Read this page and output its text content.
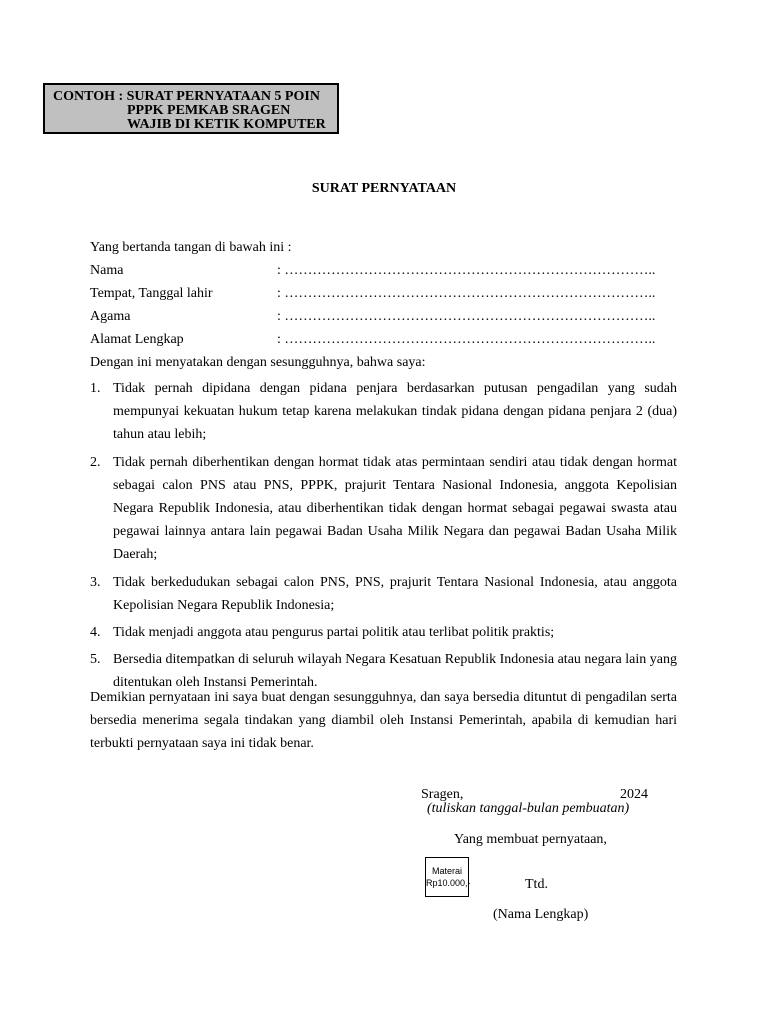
CONTOH : SURAT PERNYATAAN 5 POIN
PPPK PEMKAB SRAGEN
WAJIB DI KETIK KOMPUTER
SURAT PERNYATAAN
Yang bertanda tangan di bawah ini :
Nama	: ……………………………………………………………………..
Tempat, Tanggal lahir	: ……………………………………………………………………..
Agama	: ……………………………………………………………………..
Alamat Lengkap	: ……………………………………………………………………..
Dengan ini menyatakan dengan sesungguhnya, bahwa saya:
1. Tidak pernah dipidana dengan pidana penjara berdasarkan putusan pengadilan yang sudah mempunyai kekuatan hukum tetap karena melakukan tindak pidana dengan pidana penjara 2 (dua) tahun atau lebih;
2. Tidak pernah diberhentikan dengan hormat tidak atas permintaan sendiri atau tidak dengan hormat sebagai calon PNS atau PNS, PPPK, prajurit Tentara Nasional Indonesia, anggota Kepolisian Negara Republik Indonesia, atau diberhentikan tidak dengan hormat sebagai pegawai swasta atau pegawai lainnya antara lain pegawai Badan Usaha Milik Negara dan pegawai Badan Usaha Milik Daerah;
3. Tidak berkedudukan sebagai calon PNS, PNS, prajurit Tentara Nasional Indonesia, atau anggota Kepolisian Negara Republik Indonesia;
4. Tidak menjadi anggota atau pengurus partai politik atau terlibat politik praktis;
5. Bersedia ditempatkan di seluruh wilayah Negara Kesatuan Republik Indonesia atau negara lain yang ditentukan oleh Instansi Pemerintah.
Demikian pernyataan ini saya buat dengan sesungguhnya, dan saya bersedia dituntut di pengadilan serta bersedia menerima segala tindakan yang diambil oleh Instansi Pemerintah, apabila di kemudian hari terbukti pernyataan saya ini tidak benar.
Sragen,	2024
(tuliskan tanggal-bulan pembuatan)
Yang membuat pernyataan,
Materai
Rp10.000,-	Ttd.
(Nama Lengkap)
